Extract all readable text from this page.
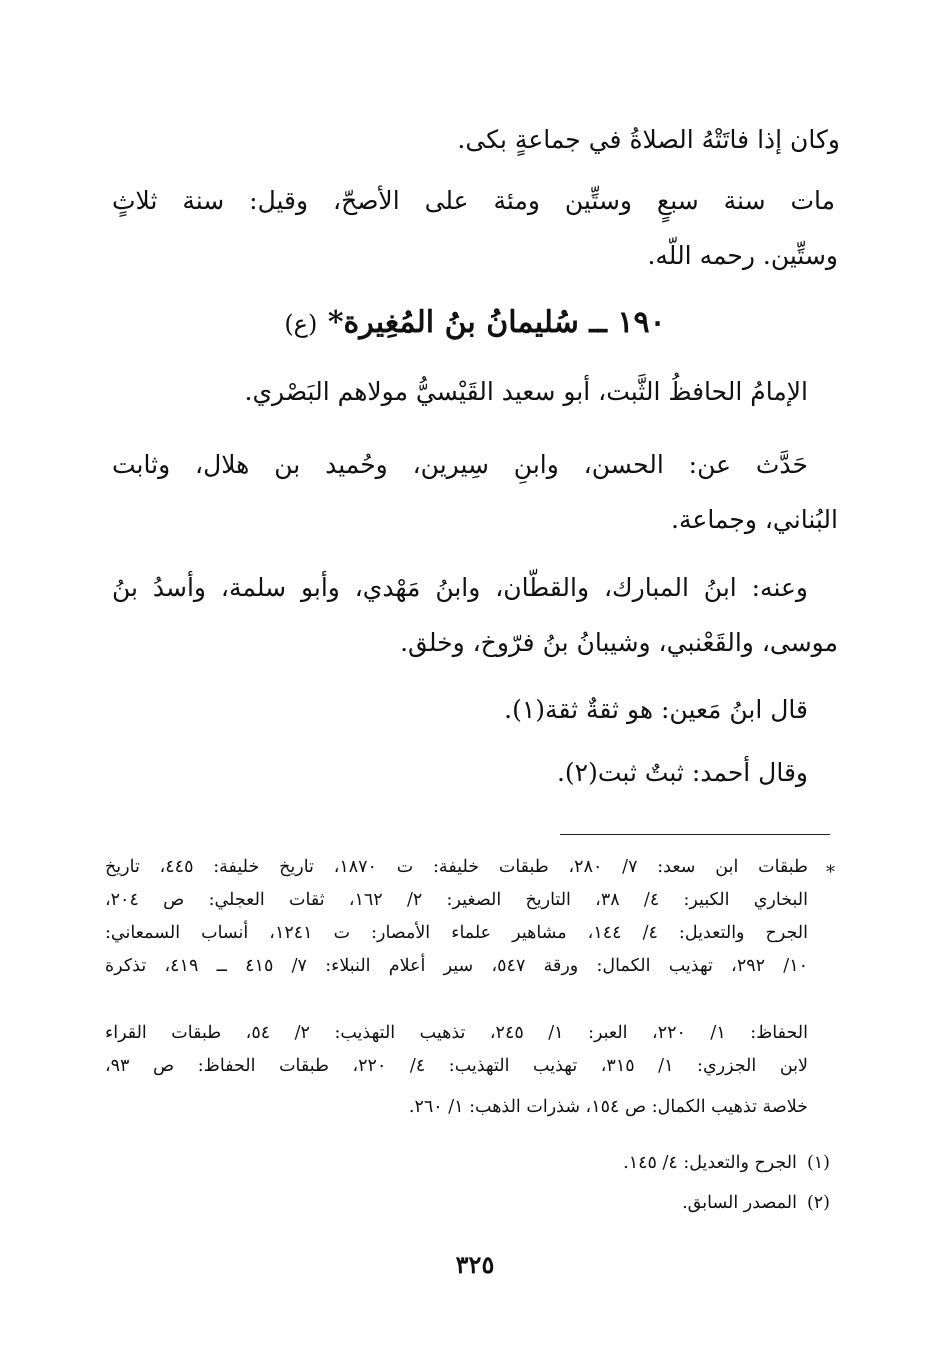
وكان إذا فاتَتْهُ الصلاةُ في جماعةٍ بكى.
مات سنة سبعٍ وستِّين ومئة على الأصحّ، وقيل: سنة ثلاثٍ
وستِّين. رحمه اللّه.
١٩٠ ــ سُليمانُ بنُ المُغِيرة* (ع)
الإمامُ الحافظُ الثَّبت، أبو سعيد القَيْسيُّ مولاهم البَصْري.
حَدَّث عن: الحسن، وابنِ سِيرين، وحُميد بن هلال، وثابت
البُناني، وجماعة.
وعنه: ابنُ المبارك، والقطّان، وابنُ مَهْدي، وأبو سلمة، وأسدُ بنُ
موسى، والقَعْنبي، وشيبانُ بنُ فرّوخ، وخلق.
قال ابنُ مَعين: هو ثقةٌ ثقة(١).
وقال أحمد: ثبتٌ ثبت(٢).
*
طبقات ابن سعد: ٧/ ٢٨٠، طبقات خليفة: ت ١٨٧٠، تاريخ خليفة: ٤٤٥، تاريخ
البخاري الكبير: ٤/ ٣٨، التاريخ الصغير: ٢/ ١٦٢، ثقات العجلي: ص ٢٠٤،
الجرح والتعديل: ٤/ ١٤٤، مشاهير علماء الأمصار: ت ١٢٤١، أنساب السمعاني:
١٠/ ٢٩٢، تهذيب الكمال: ورقة ٥٤٧، سير أعلام النبلاء: ٧/ ٤١٥ ــ ٤١٩، تذكرة
الحفاظ: ١/ ٢٢٠، العبر: ١/ ٢٤٥، تذهيب التهذيب: ٢/ ٥٤، طبقات القراء
لابن الجزري: ١/ ٣١٥، تهذيب التهذيب: ٤/ ٢٢٠، طبقات الحفاظ: ص ٩٣،
خلاصة تذهيب الكمال: ص ١٥٤، شذرات الذهب: ١/ ٢٦٠.
(١)الجرح والتعديل: ٤/ ١٤٥.
(٢)المصدر السابق.
٣٢٥
